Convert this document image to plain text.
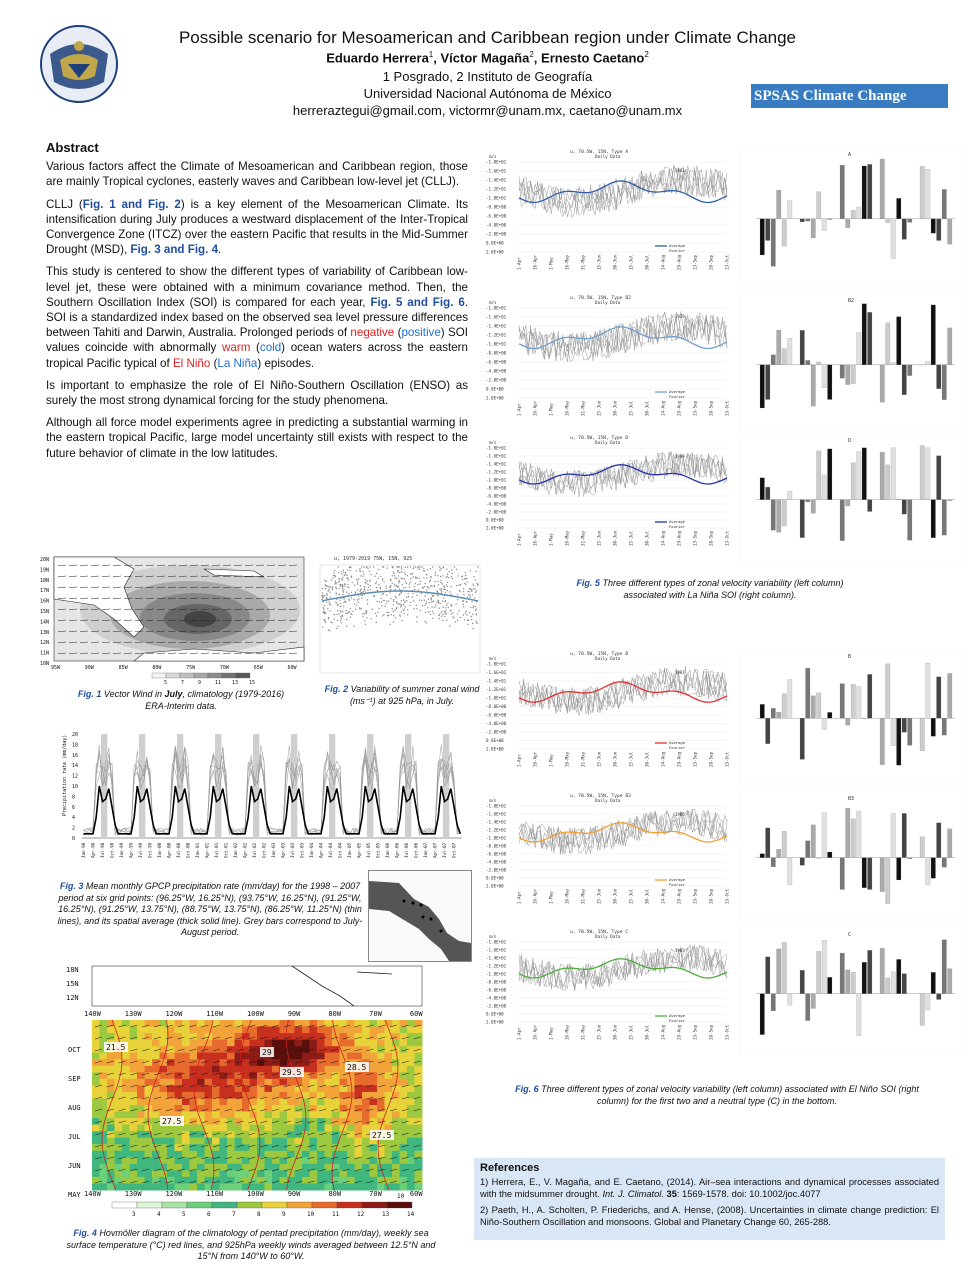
Possible scenario for Mesoamerican and Caribbean region under Climate Change
Eduardo Herrera$^1$, Víctor Magaña$^2$, Ernesto Caetano$^2$
1 Posgrado, 2 Instituto de Geografía
Universidad Nacional Autónoma de México
herreraztegui@gmail.com, victormr@unam.mx, caetano@unam.mx
SPSAS Climate Change
Abstract

Various factors affect the Climate of Mesoamerican and Caribbean region, those are mainly Tropical cyclones, easterly waves and Caribbean low-level jet (CLLJ).

CLLJ (Fig. 1 and Fig. 2) is a key element of the Mesoamerican Climate. Its intensification during July produces a westward displacement of the Inter-Tropical Convergence Zone (ITCZ) over the eastern Pacific that results in the Mid-Summer Drought (MSD), Fig. 3 and Fig. 4.

This study is centered to show the different types of variability of Caribbean low-level jet, these were obtained with a minimum covariance method. Then, the Southern Oscillation Index (SOI) is compared for each year, Fig. 5 and Fig. 6. SOI is a standardized index based on the observed sea level pressure differences between Tahiti and Darwin, Australia. Prolonged periods of negative (positive) SOI values coincide with abnormally warm (cold) ocean waters across the eastern tropical Pacific typical of El Niño (La Niña) episodes.

Is important to emphasize the role of El Niño-Southern Oscillation (ENSO) as surely the most strong dynamical forcing for the study phenomena.

Although all force model experiments agree in predicting a substantial warming in the eastern tropical Pacific, large model uncertainty still exists with respect to the future behavior of climate in the low latitudes.

20N
19N
18N
17N
16N
15N
14N
13N
12N
11N
10N
95W	90W	85W	80W	75W	70W	65W	60W
5	7	9	11 13 15
Fig. 1 Vector Wind in July, climatology (1979-2016) ERA-Interim data.
u, 1979-2019 75W, 15N, 925
Fig. 2 Variability of summer zonal wind (ms⁻¹) at 925 hPa, in July.
Precipitation rate (mm/day) 20
18
16
14
12
10
8
6
4
2
0
Jan-98 Apr-98 Jul-98 Oct-98 Jan-99 Apr-99 Jul-99 Oct-99 Jan-00 Apr-00 Jul-00 Oct-00 Jan-01 Apr-01 Jul-01 Oct-01 Jan-02 Apr-02 Jul-02 Oct-02 Jan-03 Apr-03 Jul-03 Oct-03 Jan-04 Apr-04 Jul-04 Oct-04 Jan-05 Apr-05 Jul-05 Oct-05 Jan-06 Apr-06 Jul-06 Oct-06 Jan-07 Apr-07 Jul-07 Oct-07
Fig. 3 Mean monthly GPCP precipitation rate (mm/day) for the 1998 – 2007 period at six grid points: (96.25°W, 16.25°N), (93.75°W, 16.25°N), (91.25°W, 16.25°N), (91.25°W, 13.75°N), (88.75°W, 13.75°N), (86.25°W, 11.25°N) (thin lines), and its spatial average (thick solid line). Grey bars correspond to July-August period.
18N
15N
12N
140W	130W	120W	110W	100W	90W	80W	70W	60W
29
29.5
28.5
27.5
21.5
27.5
OCT
SEP
AUG
JUL
JUN
MAY 140W	130W	120W	110W	100W	90W	80W	70W	60W
10
3	4	5	6	7	8	9	10	11	12	13	14
Fig. 4 Hovmöller diagram of the climatology of pentad precipitation (mm/day), weekly sea surface temperature (°C) red lines, and 925hPa weekly winds averaged between 12.5°N and 15°N from 140°W to 60°W.
u, 70.5W, 15N, Type A
Daily Data
m/s
-1.8E+01
-1.6E+01
-1.4E+01
-1.2E+01
-1.0E+01
-8.0E+00
-6.0E+00
-4.0E+00
-2.0E+00
0.0E+00
2.0E+00
1981
Average
Fourier
1-Apr	16-Apr	1-May	16-May	31-May	15-Jun	30-Jun	15-Jul	30-Jul	14-Aug	29-Aug	13-Sep	28-Sep	13-Oct
u, 70.5W, 15N, Type B2
Daily Data
m/s
-1.8E+01
-1.6E+01
-1.4E+01
-1.2E+01
-1.0E+01
-8.0E+00
-6.0E+00
-4.0E+00
-2.0E+00
0.0E+00
2.0E+00
1979
Average
Fourier
1-Apr	16-Apr	1-May	16-May	31-May	15-Jun	30-Jun	15-Jul	30-Jul	14-Aug	29-Aug	13-Sep	28-Sep	13-Oct
u, 70.5W, 15N, Type D
Daily Data
m/s
-1.8E+01
-1.6E+01
-1.4E+01
-1.2E+01
-1.0E+01
-8.0E+00
-6.0E+00
-4.0E+00
-2.0E+00
0.0E+00
2.0E+00
1989
Average
Fourier
1-Apr	16-Apr	1-May	16-May	31-May	15-Jun	30-Jun	15-Jul	30-Jul	14-Aug	29-Aug	13-Sep	28-Sep	13-Oct
A
B2
D
Fig. 5 Three different types of zonal velocity variability (left column) associated with La Niña SOI (right column).
u, 70.5W, 15N, Type B
Daily Data
m/s
-1.8E+01
-1.6E+01
-1.4E+01
-1.2E+01
-1.0E+01
-8.0E+00
-6.0E+00
-4.0E+00
-2.0E+00
0.0E+00
2.0E+00
1987
Average
Fourier
1-Apr	16-Apr	1-May	16-May	31-May	15-Jun	30-Jun	15-Jul	30-Jul	14-Aug	29-Aug	13-Sep	28-Sep	13-Oct
u, 70.5W, 15N, Type B3
Daily Data
m/s
-1.8E+01
-1.6E+01
-1.4E+01
-1.2E+01
-1.0E+01
-8.0E+00
-6.0E+00
-4.0E+00
-2.0E+00
0.0E+00
2.0E+00
1986
Average
Fourier
1-Apr	16-Apr	1-May	16-May	31-May	15-Jun	30-Jun	15-Jul	30-Jul	14-Aug	29-Aug	13-Sep	28-Sep	13-Oct
u, 70.5W, 15N, Type C
Daily Data
m/s
-1.8E+01
-1.6E+01
-1.4E+01
-1.2E+01
-1.0E+01
-8.0E+00
-6.0E+00
-4.0E+00
-2.0E+00
0.0E+00
2.0E+00
1983
Average
Fourier
1-Apr	16-Apr	1-May	16-May	31-May	15-Jun	30-Jun	15-Jul	30-Jul	14-Aug	29-Aug	13-Sep	28-Sep	13-Oct
B
B3
C
Fig. 6 Three different types of zonal velocity variability (left column) associated with El Niño SOI (right column) for the first two and a neutral type (C) in the bottom.
References

1) Herrera, E., V. Magaña, and E. Caetano, (2014). Air–sea interactions and dynamical processes associated with the midsummer drought. Int. J. Climatol. 35: 1569-1578. doi: 10.1002/joc.4077

2) Paeth, H., A. Scholten, P. Friederichs, and A. Hense, (2008). Uncertainties in climate change prediction: El Niño-Southern Oscillation and monsoons. Global and Planetary Change 60, 265-288.
